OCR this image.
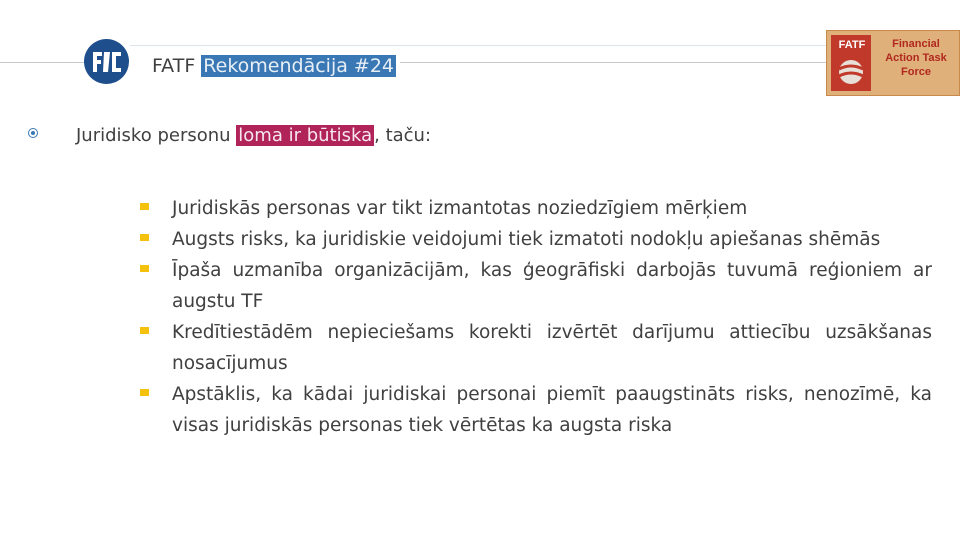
FATF Rekomendācija #24
FATF	Financial
Action Task
Force
Juridisko personu loma ir būtiska , taču:
Juridiskās personas var tikt izmantotas noziedzīgiem mērķiem
Augsts risks, ka juridiskie veidojumi tiek izmatoti nodokļu apiešanas shēmās
Īpaša uzmanība organizācijām, kas ģeogrāfiski darbojās tuvumā reģioniem ar augstu TF
Kredītiestādēm nepieciešams korekti izvērtēt darījumu attiecību uzsākšanas nosacījumus
Apstāklis, ka kādai juridiskai personai piemīt paaugstināts risks, nenozīmē, ka visas juridiskās personas tiek vērtētas ka augsta riska
